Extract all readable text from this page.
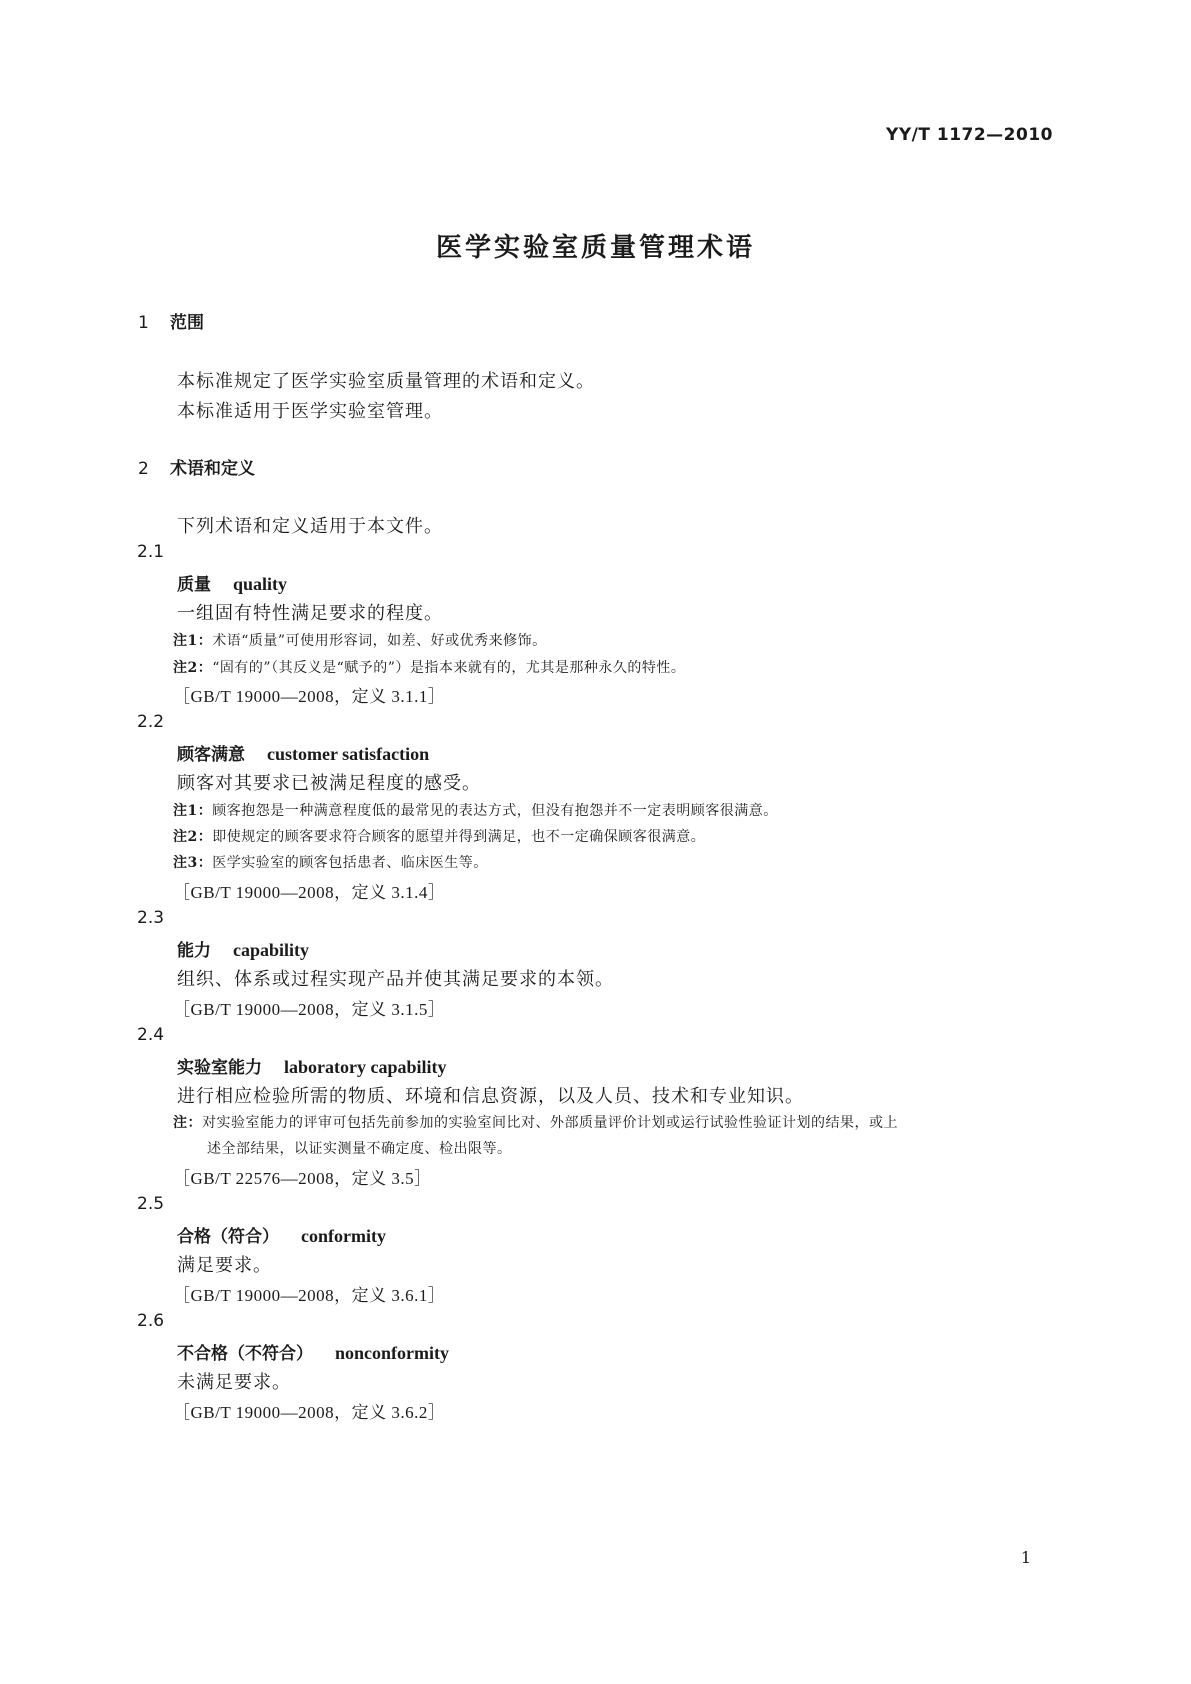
YY/T 1172—2010
医学实验室质量管理术语
1 范围
本标准规定了医学实验室质量管理的术语和定义。
本标准适用于医学实验室管理。
2 术语和定义
下列术语和定义适用于本文件。
2.1
质量 quality
一组固有特性满足要求的程度。
注1：术语“质量”可使用形容词，如差、好或优秀来修饰。
注2：“固有的”（其反义是“赋予的”）是指本来就有的，尤其是那种永久的特性。
［GB/T 19000—2008，定义 3.1.1］
2.2
顾客满意 customer satisfaction
顾客对其要求已被满足程度的感受。
注1：顾客抱怨是一种满意程度低的最常见的表达方式，但没有抱怨并不一定表明顾客很满意。
注2：即使规定的顾客要求符合顾客的愿望并得到满足，也不一定确保顾客很满意。
注3：医学实验室的顾客包括患者、临床医生等。
［GB/T 19000—2008，定义 3.1.4］
2.3
能力 capability
组织、体系或过程实现产品并使其满足要求的本领。
［GB/T 19000—2008，定义 3.1.5］
2.4
实验室能力 laboratory capability
进行相应检验所需的物质、环境和信息资源，以及人员、技术和专业知识。
注：对实验室能力的评审可包括先前参加的实验室间比对、外部质量评价计划或运行试验性验证计划的结果，或上
述全部结果，以证实测量不确定度、检出限等。
［GB/T 22576—2008，定义 3.5］
2.5
合格（符合） conformity
满足要求。
［GB/T 19000—2008，定义 3.6.1］
2.6
不合格（不符合） nonconformity
未满足要求。
［GB/T 19000—2008，定义 3.6.2］
1
